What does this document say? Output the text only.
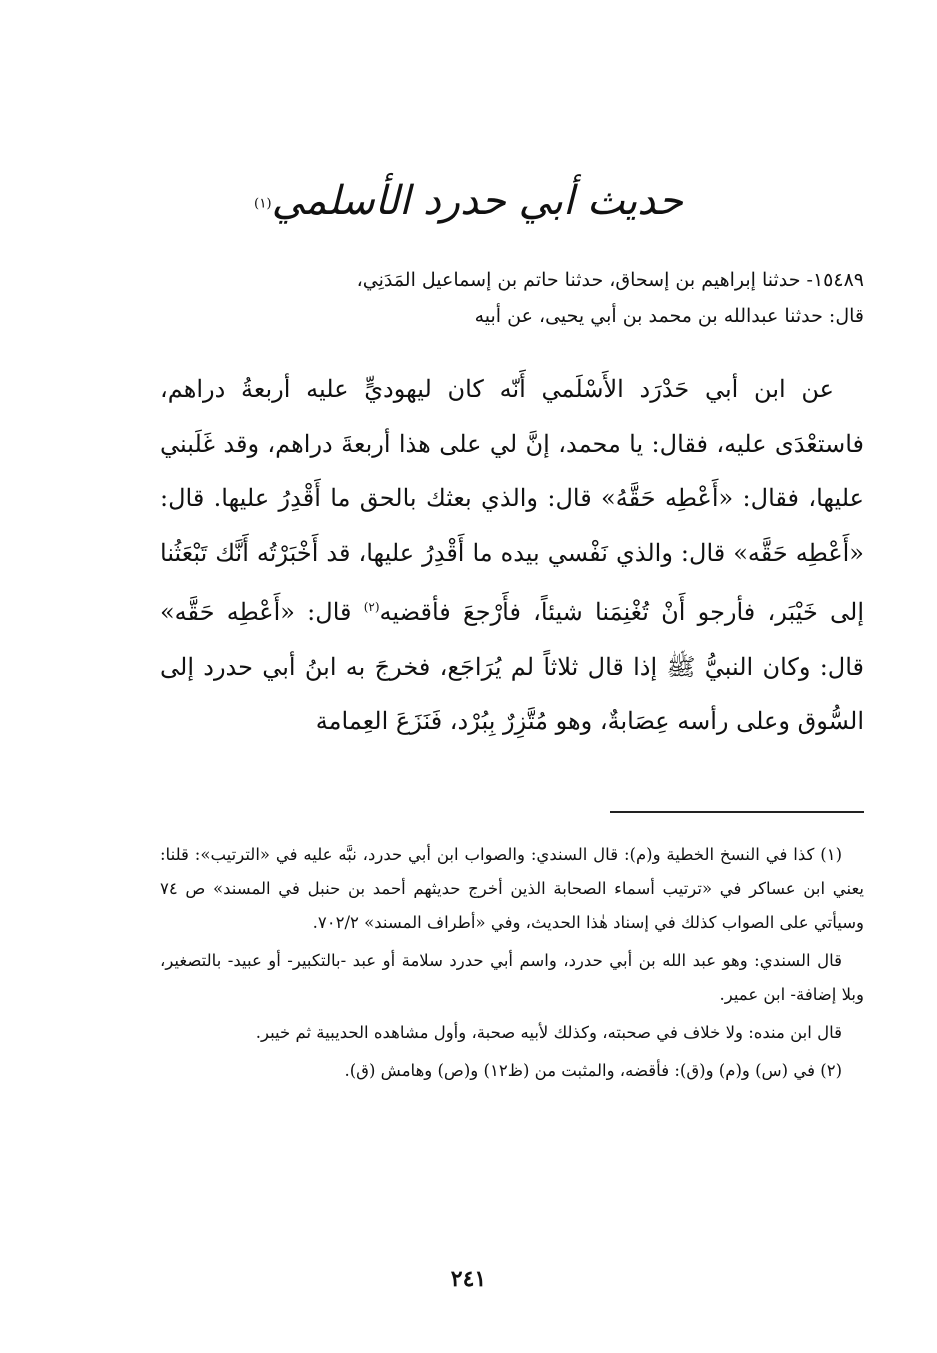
حديث أبي حدرد الأسلمي$^{(١)}$

١٥٤٨٩- حدثنا إبراهيم بن إسحاق، حدثنا حاتم بن إسماعيل المَدَنِي،

قال: حدثنا عبدالله بن محمد بن أبي يحيى، عن أبيه

عن ابن أبي حَدْرَد الأَسْلَمي أَنّه كان ليهوديٍّ عليه أربعةُ دراهم، فاستعْدَى عليه، فقال: يا محمد، إنَّ لي على هذا أربعةَ دراهم، وقد غَلَبني عليها، فقال: «أَعْطِه حَقَّهُ» قال: والذي بعثك بالحق ما أَقْدِرُ عليها. قال: «أَعْطِه حَقَّه» قال: والذي نَفْسي بيده ما أَقْدِرُ عليها، قد أَخْبَرْتُه أَنَّك تَبْعَثُنا إلى خَيْبَر، فأرجو أَنْ تُغْنِمَنا شيئاً، فأَرْجعَ فأقضيه$^{(٢)}$ قال: «أَعْطِه حَقَّه» قال: وكان النبيُّ ﷺ إذا قال ثلاثاً لم يُرَاجَع، فخرجَ به ابنُ أبي حدرد إلى السُّوق وعلى رأسه عِصَابةٌ، وهو مُتَّزِرٌ بِبُرْد، فَنَزَعَ العِمامة

(١) كذا في النسخ الخطية و(م): قال السندي: والصواب ابن أبي حدرد، نبَّه عليه في «الترتيب»: قلنا: يعني ابن عساكر في «ترتيب أسماء الصحابة الذين أخرج حديثهم أحمد بن حنبل في المسند» ص ٧٤ وسيأتي على الصواب كذلك في إسناد هٰذا الحديث، وفي «أطراف المسند» ٧٠٢/٢.

قال السندي: وهو عبد الله بن أبي حدرد، واسم أبي حدرد سلامة أو عبد -بالتكبير- أو عبيد- بالتصغير، وبلا إضافة- ابن عمير.

قال ابن منده: ولا خلاف في صحبته، وكذلك لأبيه صحبة، وأول مشاهده الحديبية ثم خيبر.

(٢) في (س) و(م) و(ق): فأقضه، والمثبت من (ظ١٢) و(ص) وهامش (ق).

٢٤١
